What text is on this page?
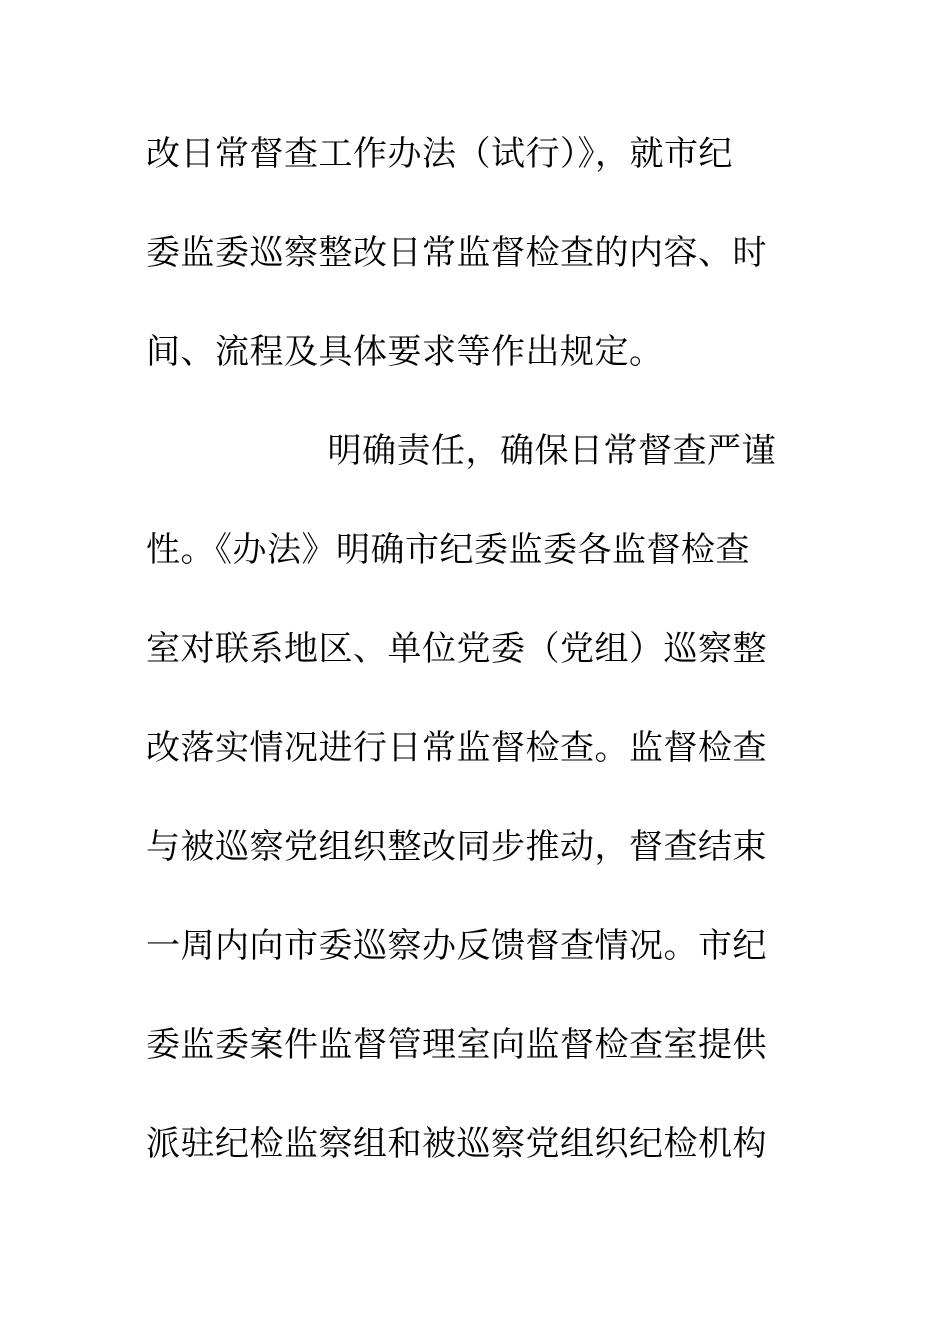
改日常督查工作办法（试行）》，就市纪
委监委巡察整改日常监督检查的内容、时
间、流程及具体要求等作出规定。
明确责任，确保日常督查严谨
性。《办法》明确市纪委监委各监督检查
室对联系地区、单位党委（党组）巡察整
改落实情况进行日常监督检查。监督检查
与被巡察党组织整改同步推动，督查结束
一周内向市委巡察办反馈督查情况。市纪
委监委案件监督管理室向监督检查室提供
派驻纪检监察组和被巡察党组织纪检机构
